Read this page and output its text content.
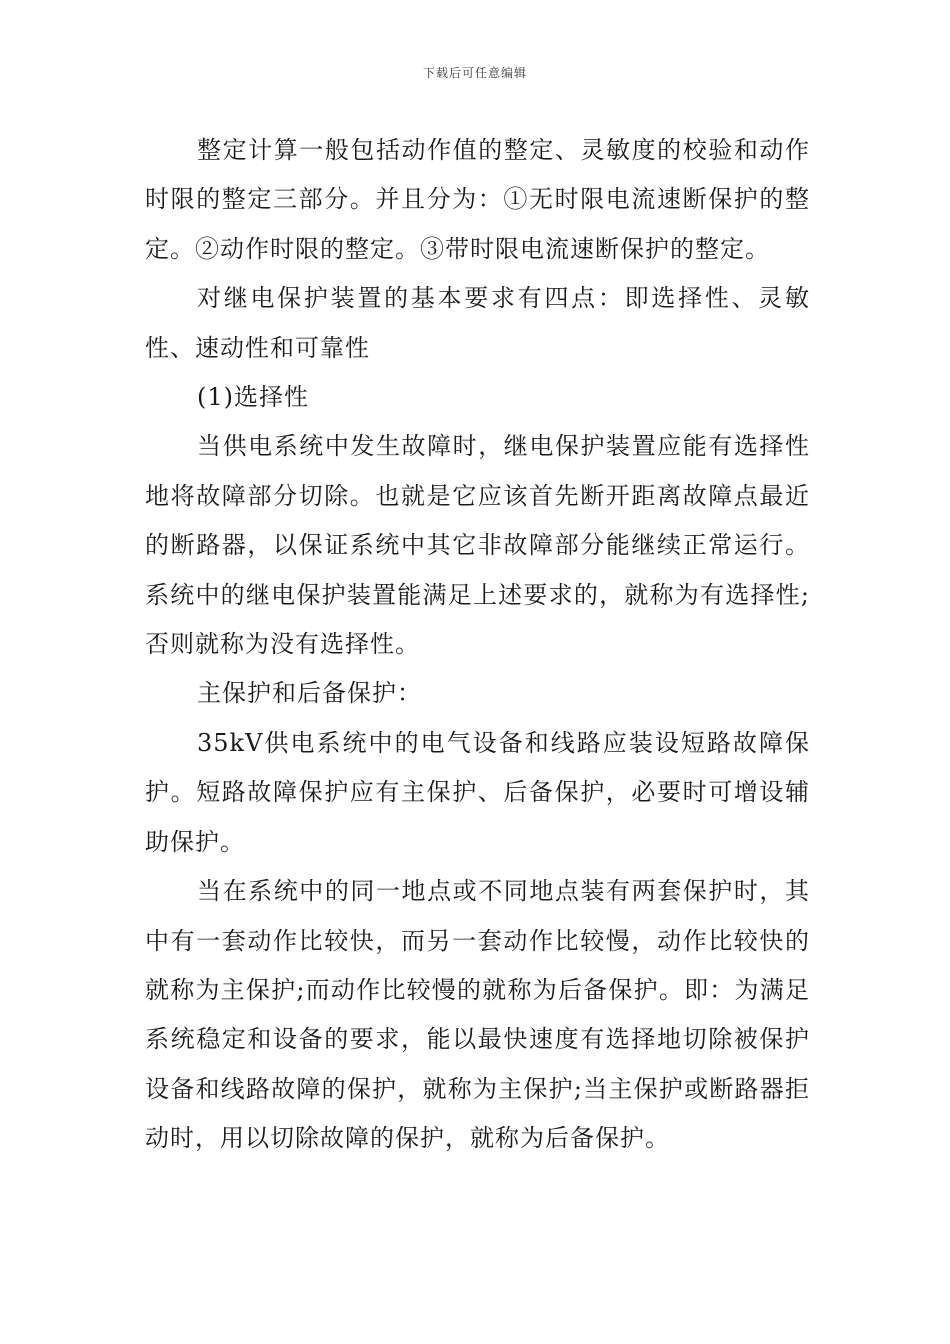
下载后可任意编辑

整定计算一般包括动作值的整定、灵敏度的校验和动作时限的整定三部分。并且分为：①无时限电流速断保护的整定。②动作时限的整定。③带时限电流速断保护的整定。

对继电保护装置的基本要求有四点：即选择性、灵敏性、速动性和可靠性

(1)选择性

当供电系统中发生故障时，继电保护装置应能有选择性地将故障部分切除。也就是它应该首先断开距离故障点最近的断路器，以保证系统中其它非故障部分能继续正常运行。系统中的继电保护装置能满足上述要求的，就称为有选择性;否则就称为没有选择性。

主保护和后备保护：

35kV供电系统中的电气设备和线路应装设短路故障保护。短路故障保护应有主保护、后备保护，必要时可增设辅助保护。

当在系统中的同一地点或不同地点装有两套保护时，其中有一套动作比较快，而另一套动作比较慢，动作比较快的就称为主保护;而动作比较慢的就称为后备保护。即：为满足系统稳定和设备的要求，能以最快速度有选择地切除被保护设备和线路故障的保护，就称为主保护;当主保护或断路器拒动时，用以切除故障的保护，就称为后备保护。
